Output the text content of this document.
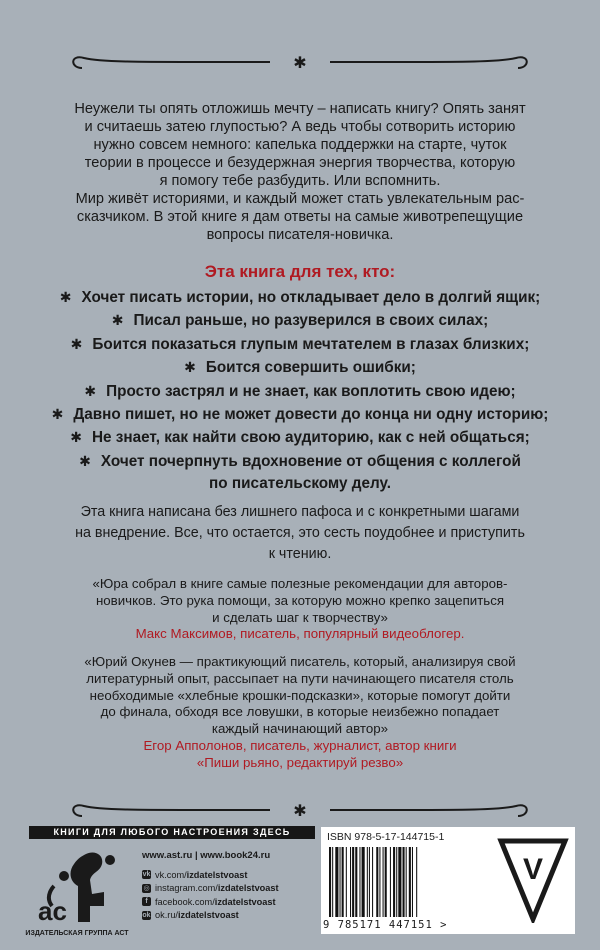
✱

Неужели ты опять отложишь мечту – написать книгу? Опять занят

и считаешь затею глупостью? А ведь чтобы сотворить историю

нужно совсем немного: капелька поддержки на старте, чуток

теории в процессе и безудержная энергия творчества, которую

я помогу тебе разбудить. Или вспомнить.

Мир живёт историями, и каждый может стать увлекательным рас-

сказчиком. В этой книге я дам ответы на самые животрепещущие

вопросы писателя-новичка.

Эта книга для тех, кто:
✱ Хочет писать истории, но откладывает дело в долгий ящик;
✱ Писал раньше, но разуверился в своих силах;
✱ Боится показаться глупым мечтателем в глазах близких;
✱ Боится совершить ошибки;
✱ Просто застрял и не знает, как воплотить свою идею;
✱ Давно пишет, но не может довести до конца ни одну историю;
✱ Не знает, как найти свою аудиторию, как с ней общаться;
✱ Хочет почерпнуть вдохновение от общения с коллегой
по писательскому делу.
Эта книга написана без лишнего пафоса и с конкретными шагами
на внедрение. Все, что остается, это сесть поудобнее и приступить
к чтению.
«Юра собрал в книге самые полезные рекомендации для авторов-
новичков. Это рука помощи, за которую можно крепко зацепиться
и сделать шаг к творчеству»
Макс Максимов, писатель, популярный видеоблогер.
«Юрий Окунев — практикующий писатель, который, анализируя свой
литературный опыт, рассыпает на пути начинающего писателя столь
необходимые «хлебные крошки-подсказки», которые помогут дойти
до финала, обходя все ловушки, в которые неизбежно попадает
каждый начинающий автор»
Егор Апполонов, писатель, журналист, автор книги
«Пиши рьяно, редактируй резво»
✱
КНИГИ ДЛЯ ЛЮБОГО НАСТРОЕНИЯ ЗДЕСЬ
ac
ИЗДАТЕЛЬСКАЯ ГРУППА АСТ
www.ast.ru | www.book24.ru
vk vk.com/ izdatelstvoast
◎ instagram.com/ izdatelstvoast
f facebook.com/ izdatelstvoast
ok ok.ru/ izdatelstvoast
ISBN 978-5-17-144715-1
9 785171 447151 >
V
